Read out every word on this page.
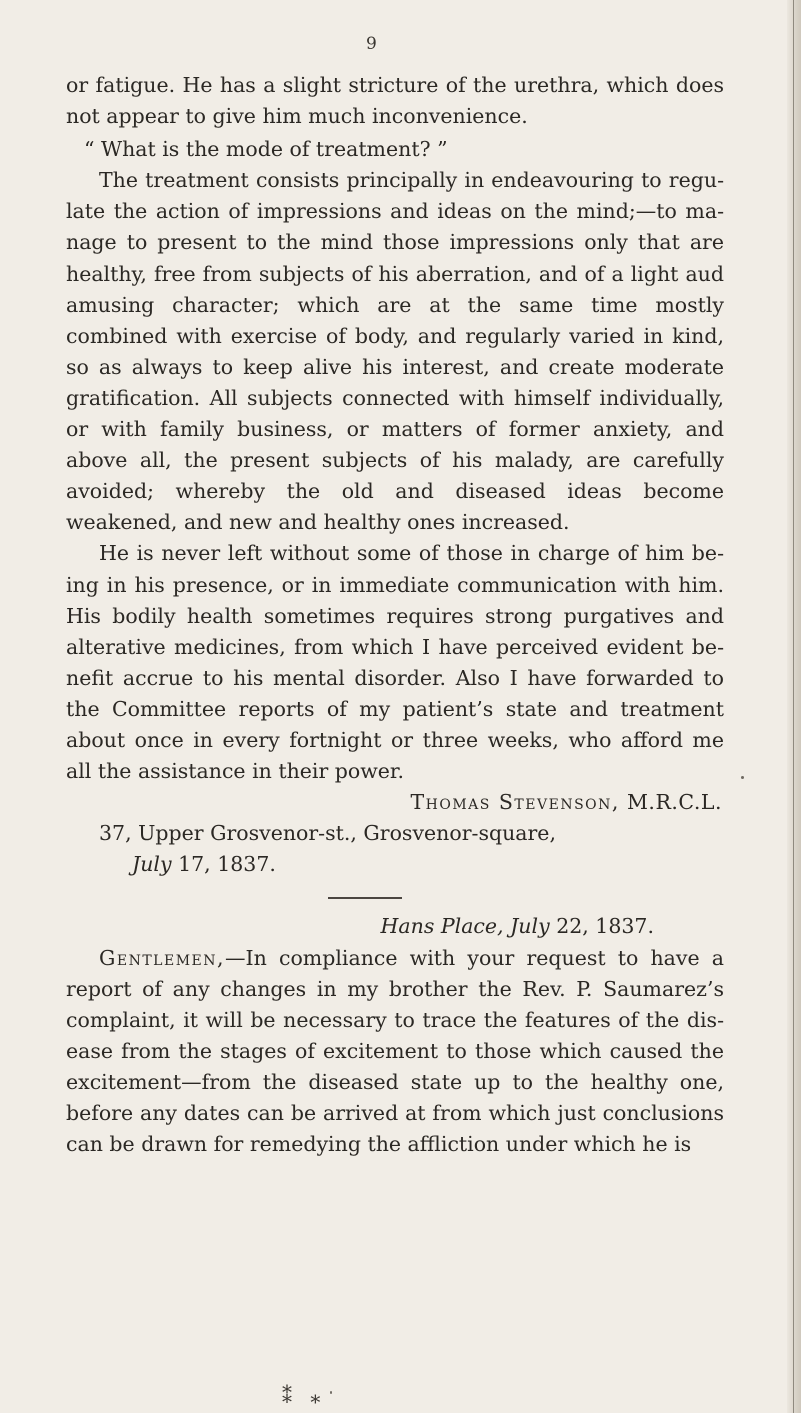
9

or fatigue. He has a slight stricture of the urethra, which does not appear to give him much inconvenience.

“ What is the mode of treatment? ”

The treatment consists principally in endeavouring to regulate the action of impressions and ideas on the mind;—to manage to present to the mind those impressions only that are healthy, free from subjects of his aberration, and of a light aud amusing character; which are at the same time mostly combined with exercise of body, and regularly varied in kind, so as always to keep alive his interest, and create moderate gratification. All subjects connected with himself individually, or with family business, or matters of former anxiety, and above all, the present subjects of his malady, are carefully avoided; whereby the old and diseased ideas become weakened, and new and healthy ones increased.

He is never left without some of those in charge of him being in his presence, or in immediate communication with him. His bodily health sometimes requires strong purgatives and alterative medicines, from which I have perceived evident benefit accrue to his mental disorder. Also I have forwarded to the Committee reports of my patient’s state and treatment about once in every fortnight or three weeks, who afford me all the assistance in their power.

Thomas Stevenson, M.R.C.L.

37, Upper Grosvenor-st., Grosvenor-square,

July 17, 1837.

Hans Place, July 22, 1837.

Gentlemen,—In compliance with your request to have a report of any changes in my brother the Rev. P. Saumarez’s complaint, it will be necessary to trace the features of the disease from the stages of excitement to those which caused the excitement—from the diseased state up to the healthy one, before any dates can be arrived at from which just conclusions can be drawn for remedying the affliction under which he is

⁑ ⁎
